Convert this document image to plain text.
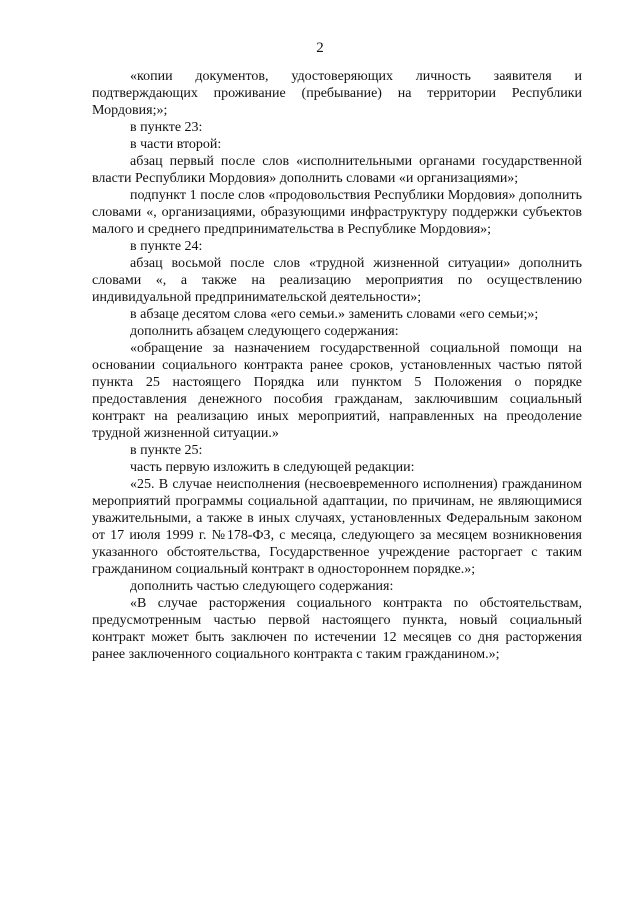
2

«копии документов, удостоверяющих личность заявителя и подтверждающих проживание (пребывание) на территории Республики Мордовия;»;

в пункте 23:

в части второй:

абзац первый после слов «исполнительными органами государственной власти Республики Мордовия» дополнить словами «и организациями»;

подпункт 1 после слов «продовольствия Республики Мордовия» дополнить словами «, организациями, образующими инфраструктуру поддержки субъектов малого и среднего предпринимательства в Республике Мордовия»;

в пункте 24:

абзац восьмой после слов «трудной жизненной ситуации» дополнить словами «, а также на реализацию мероприятия по осуществлению индивидуальной предпринимательской деятельности»;

в абзаце десятом слова «его семьи.» заменить словами «его семьи;»;

дополнить абзацем следующего содержания:

«обращение за назначением государственной социальной помощи на основании социального контракта ранее сроков, установленных частью пятой пункта 25 настоящего Порядка или пунктом 5 Положения о порядке предоставления денежного пособия гражданам, заключившим социальный контракт на реализацию иных мероприятий, направленных на преодоление трудной жизненной ситуации.»

в пункте 25:

часть первую изложить в следующей редакции:

«25. В случае неисполнения (несвоевременного исполнения) гражданином мероприятий программы социальной адаптации, по причинам, не являющимися уважительными, а также в иных случаях, установленных Федеральным законом от 17 июля 1999 г. №178-ФЗ, с месяца, следующего за месяцем возникновения указанного обстоятельства, Государственное учреждение расторгает с таким гражданином социальный контракт в одностороннем порядке.»;

дополнить частью следующего содержания:

«В случае расторжения социального контракта по обстоятельствам, предусмотренным частью первой настоящего пункта, новый социальный контракт может быть заключен по истечении 12 месяцев со дня расторжения ранее заключенного социального контракта с таким гражданином.»;
